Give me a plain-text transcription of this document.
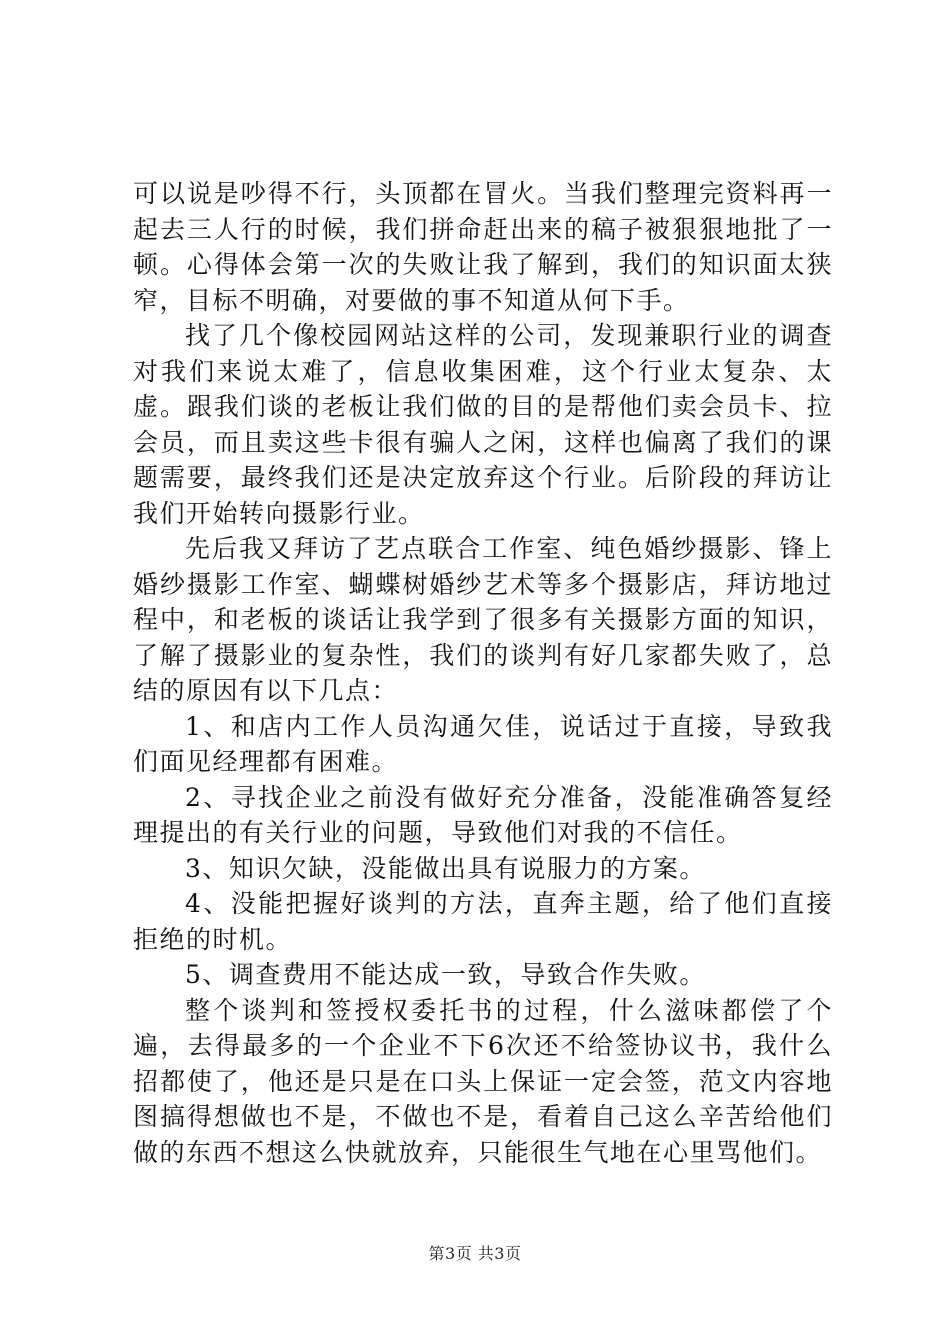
可以说是吵得不行，头顶都在冒火。当我们整理完资料再一起去三人行的时候，我们拼命赶出来的稿子被狠狠地批了一顿。心得体会第一次的失败让我了解到，我们的知识面太狭窄，目标不明确，对要做的事不知道从何下手。

找了几个像校园网站这样的公司，发现兼职行业的调查对我们来说太难了，信息收集困难，这个行业太复杂、太虚。跟我们谈的老板让我们做的目的是帮他们卖会员卡、拉会员，而且卖这些卡很有骗人之闲，这样也偏离了我们的课题需要，最终我们还是决定放弃这个行业。后阶段的拜访让我们开始转向摄影行业。

先后我又拜访了艺点联合工作室、纯色婚纱摄影、锋上婚纱摄影工作室、蝴蝶树婚纱艺术等多个摄影店，拜访地过程中，和老板的谈话让我学到了很多有关摄影方面的知识，了解了摄影业的复杂性，我们的谈判有好几家都失败了，总结的原因有以下几点：

1、和店内工作人员沟通欠佳，说话过于直接，导致我们面见经理都有困难。

2、寻找企业之前没有做好充分准备，没能准确答复经理提出的有关行业的问题，导致他们对我的不信任。

3、知识欠缺，没能做出具有说服力的方案。

4、没能把握好谈判的方法，直奔主题，给了他们直接拒绝的时机。

5、调查费用不能达成一致，导致合作失败。

整个谈判和签授权委托书的过程，什么滋味都偿了个遍，去得最多的一个企业不下6次还不给签协议书，我什么招都使了，他还是只是在口头上保证一定会签，范文内容地图搞得想做也不是，不做也不是，看着自己这么辛苦给他们做的东西不想这么快就放弃，只能很生气地在心里骂他们。

第3页 共3页
